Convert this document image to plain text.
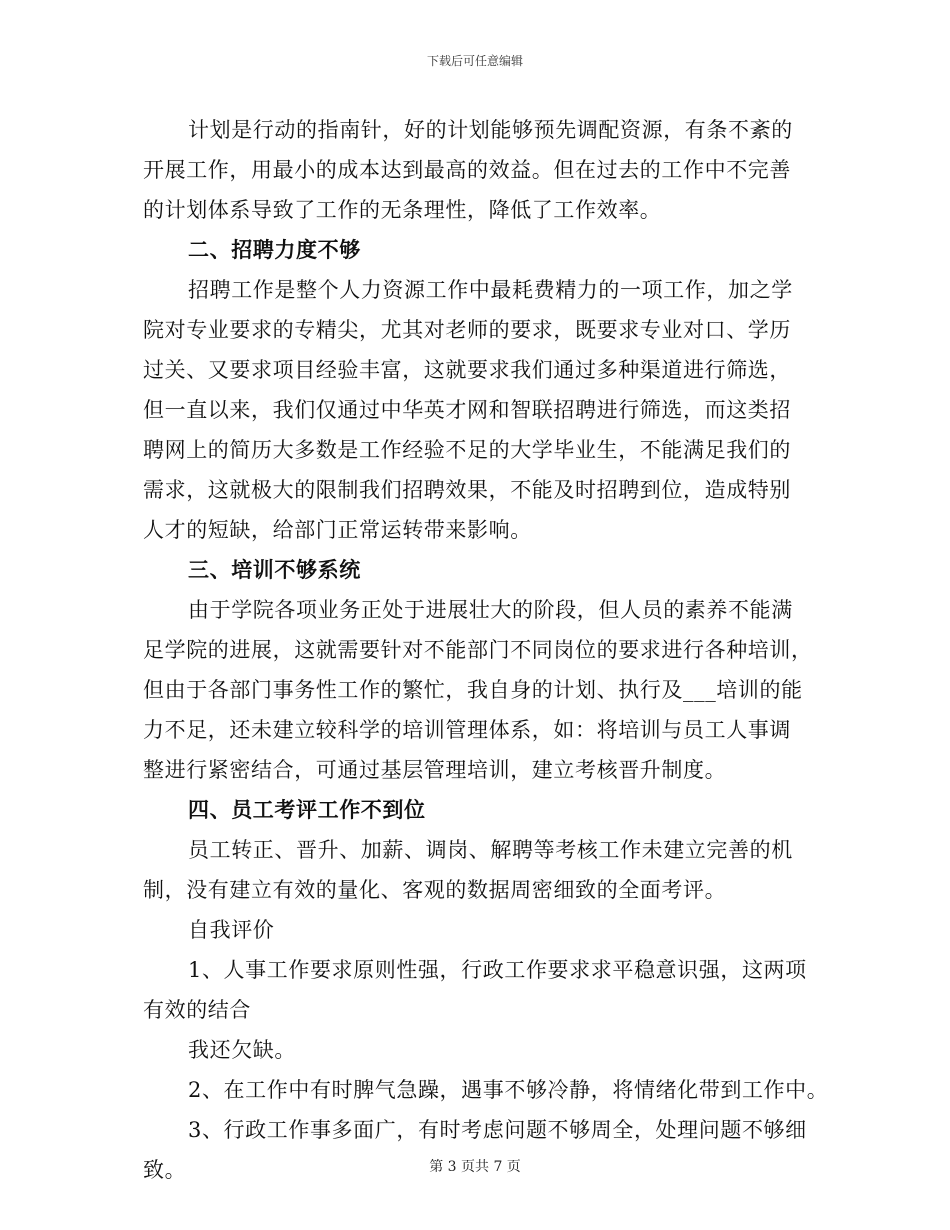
下载后可任意编辑
计划是行动的指南针，好的计划能够预先调配资源，有条不紊的
开展工作，用最小的成本达到最高的效益。但在过去的工作中不完善
的计划体系导致了工作的无条理性，降低了工作效率。
二、招聘力度不够
招聘工作是整个人力资源工作中最耗费精力的一项工作，加之学
院对专业要求的专精尖，尤其对老师的要求，既要求专业对口、学历
过关、又要求项目经验丰富，这就要求我们通过多种渠道进行筛选，
但一直以来，我们仅通过中华英才网和智联招聘进行筛选，而这类招
聘网上的简历大多数是工作经验不足的大学毕业生，不能满足我们的
需求，这就极大的限制我们招聘效果，不能及时招聘到位，造成特别
人才的短缺，给部门正常运转带来影响。
三、培训不够系统
由于学院各项业务正处于进展壮大的阶段，但人员的素养不能满
足学院的进展，这就需要针对不能部门不同岗位的要求进行各种培训，
但由于各部门事务性工作的繁忙，我自身的计划、执行及___培训的能
力不足，还未建立较科学的培训管理体系，如：将培训与员工人事调
整进行紧密结合，可通过基层管理培训，建立考核晋升制度。
四、员工考评工作不到位
员工转正、晋升、加薪、调岗、解聘等考核工作未建立完善的机
制，没有建立有效的量化、客观的数据周密细致的全面考评。
自我评价
1、人事工作要求原则性强，行政工作要求求平稳意识强，这两项
有效的结合
我还欠缺。
2、在工作中有时脾气急躁，遇事不够冷静，将情绪化带到工作中。
3、行政工作事多面广，有时考虑问题不够周全，处理问题不够细
致。	第 3 页共 7 页
